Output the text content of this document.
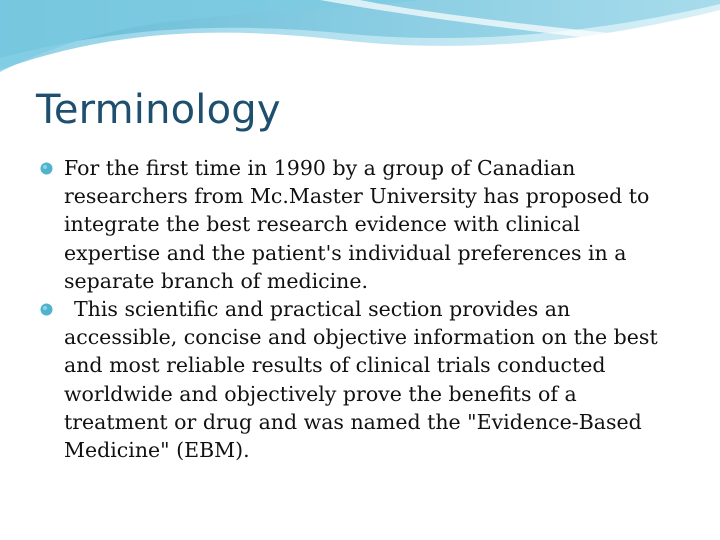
Terminology
For the first time in 1990 by a group of Canadian researchers from Mc.Master University has proposed to integrate the best research evidence with clinical expertise and the patient's individual preferences in a separate branch of medicine.
This scientific and practical section provides an accessible, concise and objective information on the best and most reliable results of clinical trials conducted worldwide and objectively prove the benefits of a treatment or drug and was named the "Evidence-Based Medicine" (EBM).
